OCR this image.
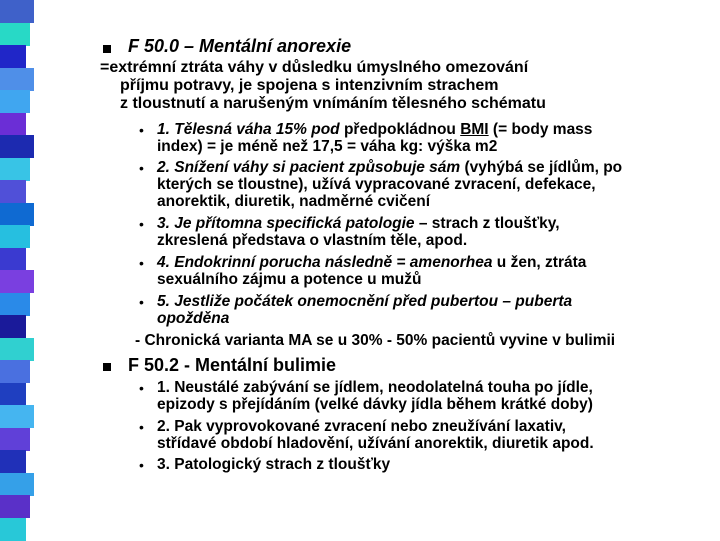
F 50.0 – Mentální anorexie
=extrémní ztráta váhy v důsledku úmyslného omezování
příjmu potravy, je spojena s intenzivním strachem
z tloustnutí a narušeným vnímáním tělesného schématu
• 1. Tělesná váha 15% pod předpokládnou BMI (= body mass
index) = je méně než 17,5 = váha kg: výška m2
• 2. Snížení váhy si pacient způsobuje sám (vyhýbá se jídlům, po
kterých se tloustne), užívá vypracované zvracení, defekace,
anorektik, diuretik, nadměrné cvičení
• 3. Je přítomna specifická patologie – strach z tloušťky,
zkreslená představa o vlastním těle, apod.
• 4. Endokrinní porucha následně = amenorhea u žen, ztráta
sexuálního zájmu a potence u mužů
• 5. Jestliže počátek onemocnění před pubertou – puberta
opožděna
- Chronická varianta MA se u 30% - 50% pacientů vyvine v bulimii
F 50.2 - Mentální bulimie
• 1. Neustálé zabývání se jídlem, neodolatelná touha po jídle,
epizody s přejídáním (velké dávky jídla během krátké doby)
• 2. Pak vyprovokované zvracení nebo zneužívání laxativ,
střídavé období hladovění, užívání anorektik, diuretik apod.
• 3. Patologický strach z tloušťky
